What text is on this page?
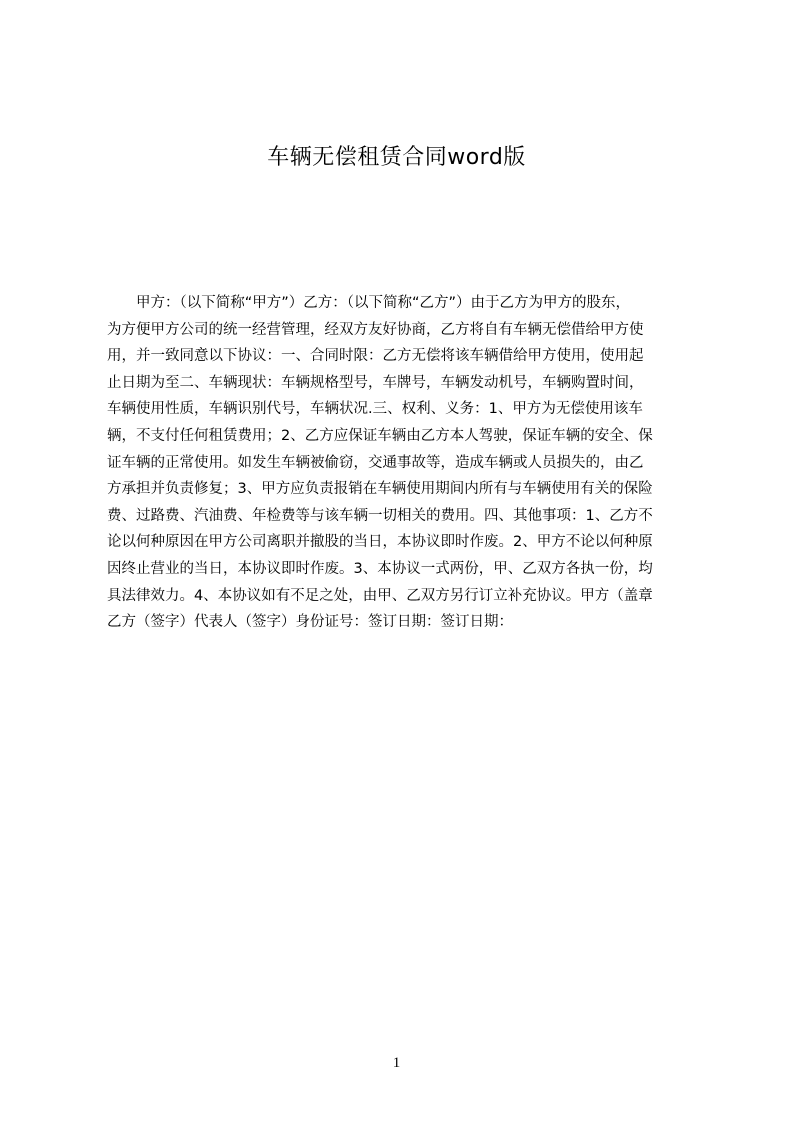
车辆无偿租赁合同word版
　　甲方：（以下简称“甲方”）乙方：（以下简称“乙方”）由于乙方为甲方的股东，
为方便甲方公司的统一经营管理，经双方友好协商，乙方将自有车辆无偿借给甲方使
用，并一致同意以下协议：一、合同时限：乙方无偿将该车辆借给甲方使用，使用起
止日期为至二、车辆现状：车辆规格型号，车牌号，车辆发动机号，车辆购置时间，
车辆使用性质，车辆识别代号，车辆状况.三、权利、义务：1、甲方为无偿使用该车
辆，不支付任何租赁费用；2、乙方应保证车辆由乙方本人驾驶，保证车辆的安全、保
证车辆的正常使用。如发生车辆被偷窃，交通事故等，造成车辆或人员损失的，由乙
方承担并负责修复；3、甲方应负责报销在车辆使用期间内所有与车辆使用有关的保险
费、过路费、汽油费、年检费等与该车辆一切相关的费用。四、其他事项：1、乙方不
论以何种原因在甲方公司离职并撤股的当日，本协议即时作废。2、甲方不论以何种原
因终止营业的当日，本协议即时作废。3、本协议一式两份，甲、乙双方各执一份，均
具法律效力。4、本协议如有不足之处，由甲、乙双方另行订立补充协议。甲方（盖章
乙方（签字）代表人（签字）身份证号：签订日期：签订日期：
1
